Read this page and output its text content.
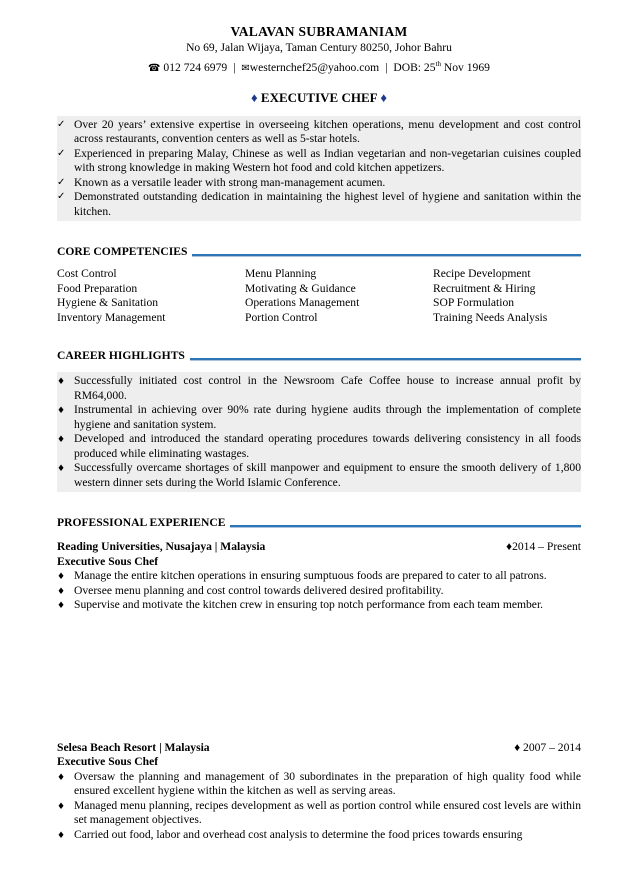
VALAVAN SUBRAMANIAM
No 69, Jalan Wijaya, Taman Century 80250, Johor Bahru
☎ 012 724 6979 | ✉westernchef25@yahoo.com | DOB: 25th Nov 1969
♦ EXECUTIVE CHEF ♦
✓ Over 20 years’ extensive expertise in overseeing kitchen operations, menu development and cost control across restaurants, convention centers as well as 5-star hotels.
✓ Experienced in preparing Malay, Chinese as well as Indian vegetarian and non-vegetarian cuisines coupled with strong knowledge in making Western hot food and cold kitchen appetizers.
✓ Known as a versatile leader with strong man-management acumen.
✓ Demonstrated outstanding dedication in maintaining the highest level of hygiene and sanitation within the kitchen.
CORE COMPETENCIES
Cost Control	Menu Planning	Recipe Development
Food Preparation	Motivating & Guidance	Recruitment & Hiring
Hygiene & Sanitation	Operations Management	SOP Formulation
Inventory Management	Portion Control	Training Needs Analysis
CAREER HIGHLIGHTS
♦ Successfully initiated cost control in the Newsroom Cafe Coffee house to increase annual profit by RM64,000.
♦ Instrumental in achieving over 90% rate during hygiene audits through the implementation of complete hygiene and sanitation system.
♦ Developed and introduced the standard operating procedures towards delivering consistency in all foods produced while eliminating wastages.
♦ Successfully overcame shortages of skill manpower and equipment to ensure the smooth delivery of 1,800 western dinner sets during the World Islamic Conference.
PROFESSIONAL EXPERIENCE
Reading Universities, Nusajaya | Malaysia	♦2014 – Present
Executive Sous Chef
♦ Manage the entire kitchen operations in ensuring sumptuous foods are prepared to cater to all patrons.
♦ Oversee menu planning and cost control towards delivered desired profitability.
♦ Supervise and motivate the kitchen crew in ensuring top notch performance from each team member.
Selesa Beach Resort | Malaysia	♦ 2007 – 2014
Executive Sous Chef
♦ Oversaw the planning and management of 30 subordinates in the preparation of high quality food while ensured excellent hygiene within the kitchen as well as serving areas.
♦ Managed menu planning, recipes development as well as portion control while ensured cost levels are within set management objectives.
♦ Carried out food, labor and overhead cost analysis to determine the food prices towards ensuring
